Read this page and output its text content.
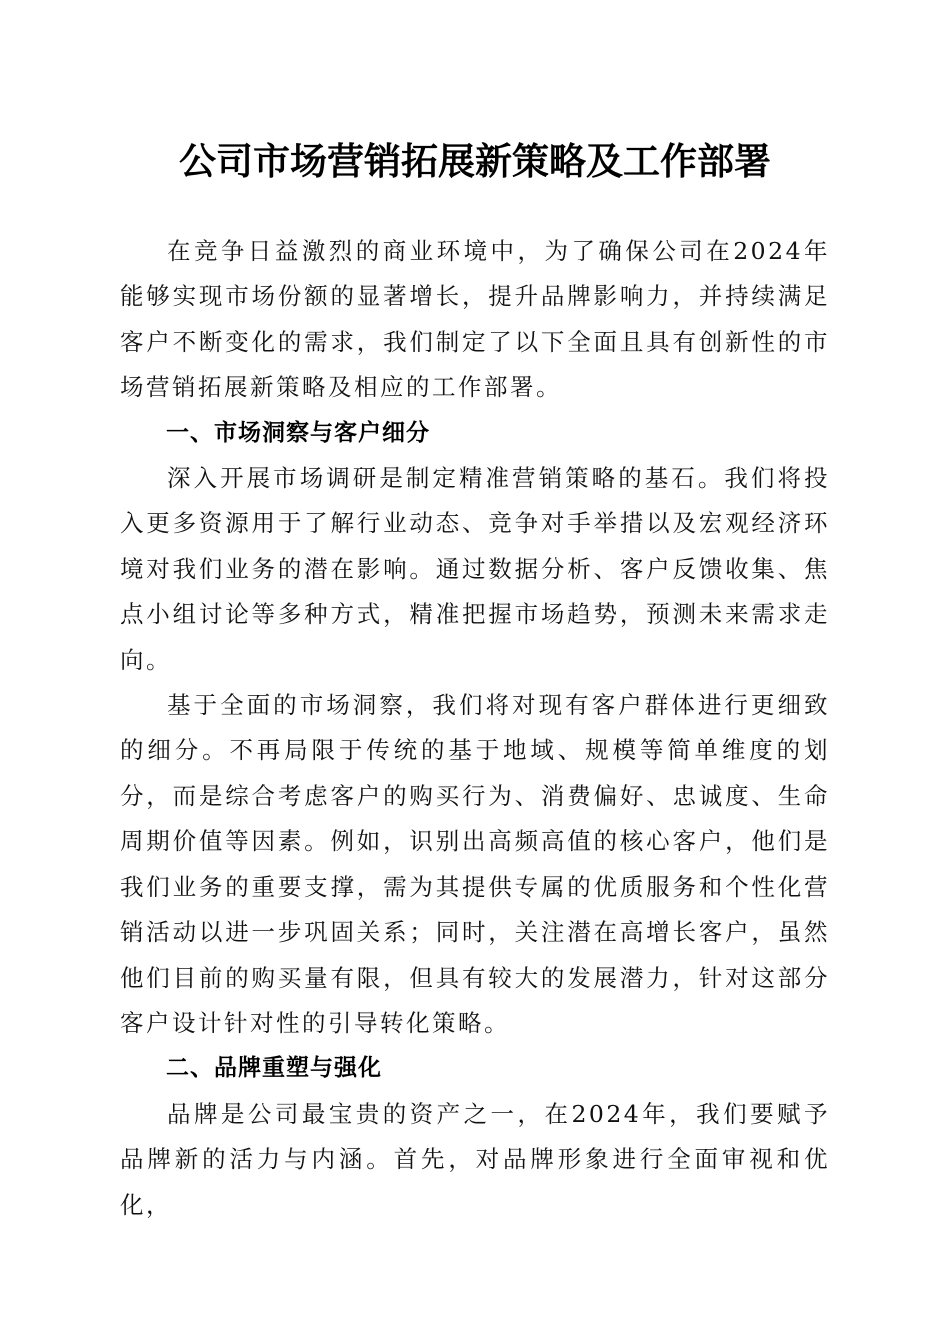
公司市场营销拓展新策略及工作部署

在竞争日益激烈的商业环境中，为了确保公司在2024年能够实现市场份额的显著增长，提升品牌影响力，并持续满足客户不断变化的需求，我们制定了以下全面且具有创新性的市场营销拓展新策略及相应的工作部署。

一、市场洞察与客户细分

深入开展市场调研是制定精准营销策略的基石。我们将投入更多资源用于了解行业动态、竞争对手举措以及宏观经济环境对我们业务的潜在影响。通过数据分析、客户反馈收集、焦点小组讨论等多种方式，精准把握市场趋势，预测未来需求走向。

基于全面的市场洞察，我们将对现有客户群体进行更细致的细分。不再局限于传统的基于地域、规模等简单维度的划分，而是综合考虑客户的购买行为、消费偏好、忠诚度、生命周期价值等因素。例如，识别出高频高值的核心客户，他们是我们业务的重要支撑，需为其提供专属的优质服务和个性化营销活动以进一步巩固关系；同时，关注潜在高增长客户，虽然他们目前的购买量有限，但具有较大的发展潜力，针对这部分客户设计针对性的引导转化策略。

二、品牌重塑与强化

品牌是公司最宝贵的资产之一，在2024年，我们要赋予品牌新的活力与内涵。首先，对品牌形象进行全面审视和优化，
